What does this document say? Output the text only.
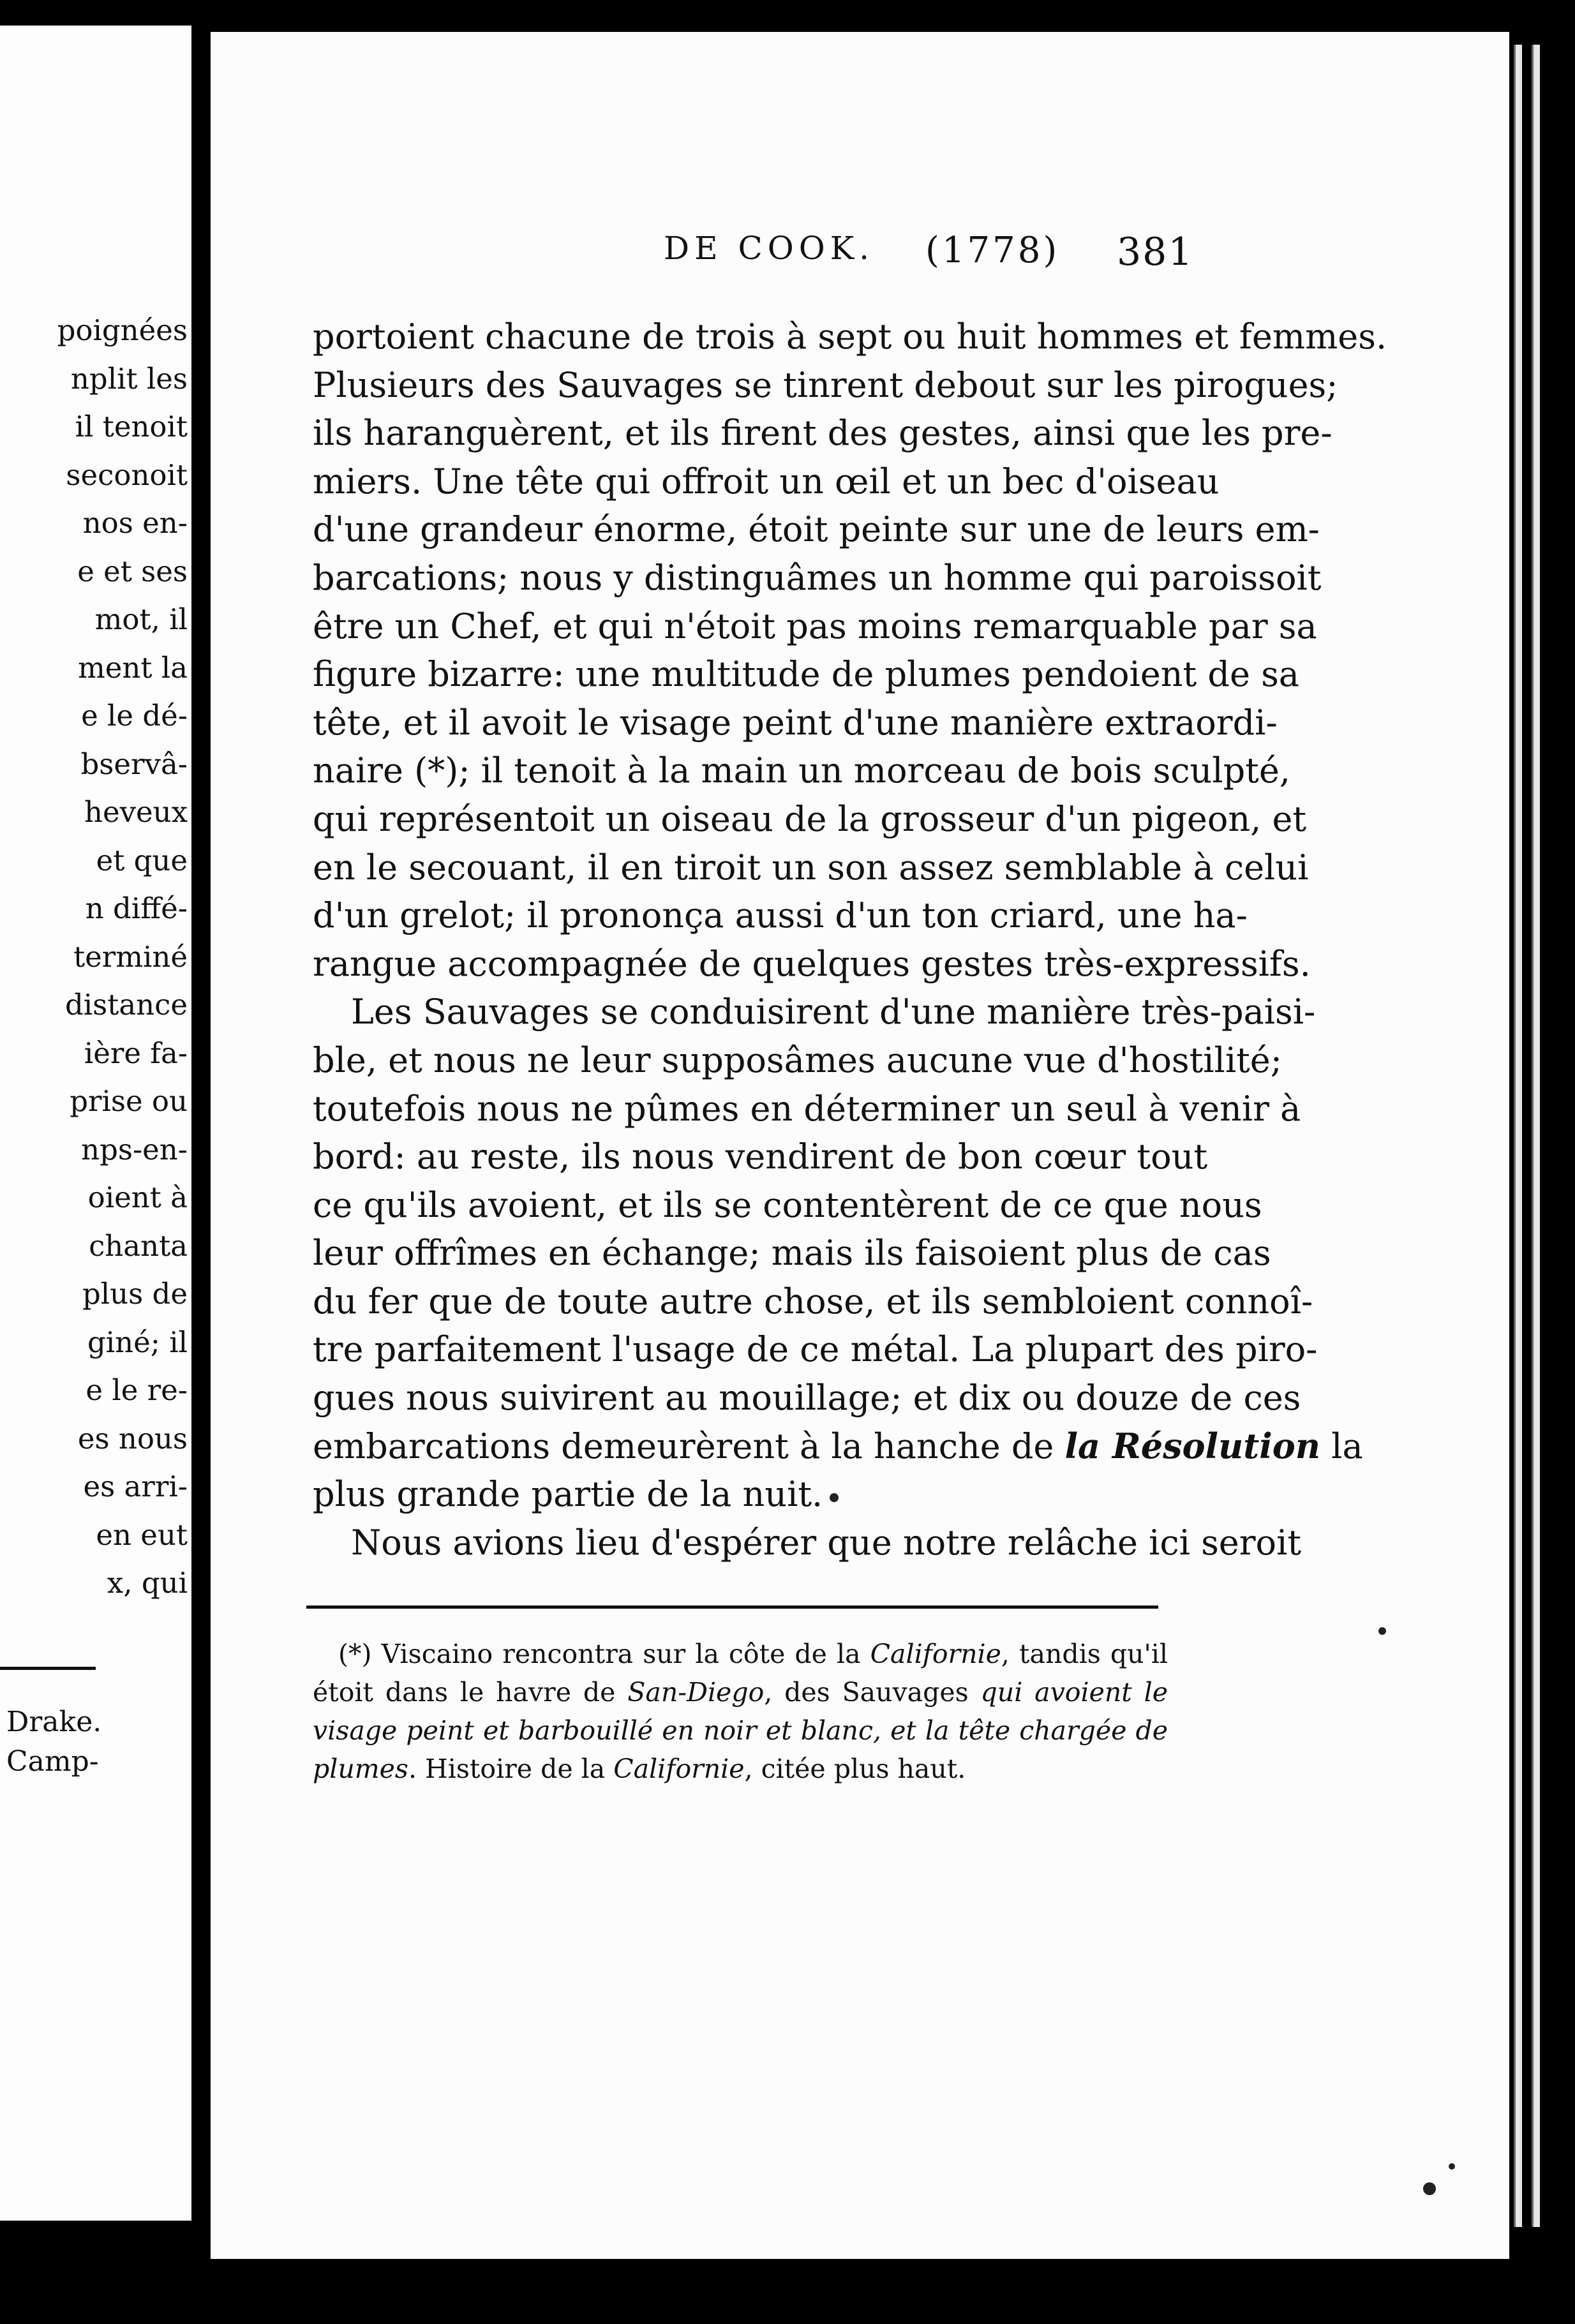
poignées
nplit les
il tenoit
seconoit
nos en-
e et ses
mot, il
ment la
e le dé-
bservâ-
heveux
et que
n diffé-
terminé
distance
ière fa-
prise ou
nps-en-
oient à
chanta
plus de
giné; il
e le re-
es nous
es arri-
en eut
x, qui
Drake.
Camp-
DE COOK. (1778) 381
portoient chacune de trois à sept ou huit hommes et femmes.
Plusieurs des Sauvages se tinrent debout sur les pirogues;
ils haranguèrent, et ils firent des gestes, ainsi que les pre-
miers. Une tête qui offroit un œil et un bec d'oiseau
d'une grandeur énorme, étoit peinte sur une de leurs em-
barcations; nous y distinguâmes un homme qui paroissoit
être un Chef, et qui n'étoit pas moins remarquable par sa
figure bizarre: une multitude de plumes pendoient de sa
tête, et il avoit le visage peint d'une manière extraordi-
naire (*); il tenoit à la main un morceau de bois sculpté,
qui représentoit un oiseau de la grosseur d'un pigeon, et
en le secouant, il en tiroit un son assez semblable à celui
d'un grelot; il prononça aussi d'un ton criard, une ha-
rangue accompagnée de quelques gestes très-expressifs.
Les Sauvages se conduisirent d'une manière très-paisi-
ble, et nous ne leur supposâmes aucune vue d'hostilité;
toutefois nous ne pûmes en déterminer un seul à venir à
bord: au reste, ils nous vendirent de bon cœur tout
ce qu'ils avoient, et ils se contentèrent de ce que nous
leur offrîmes en échange; mais ils faisoient plus de cas
du fer que de toute autre chose, et ils sembloient connoî-
tre parfaitement l'usage de ce métal. La plupart des piro-
gues nous suivirent au mouillage; et dix ou douze de ces
embarcations demeurèrent à la hanche de la Résolution la
plus grande partie de la nuit.
Nous avions lieu d'espérer que notre relâche ici seroit
(*) Viscaino rencontra sur la côte de la Californie, tandis qu'il
étoit dans le havre de San-Diego, des Sauvages qui avoient le
visage peint et barbouillé en noir et blanc, et la tête chargée de
plumes. Histoire de la Californie, citée plus haut.
